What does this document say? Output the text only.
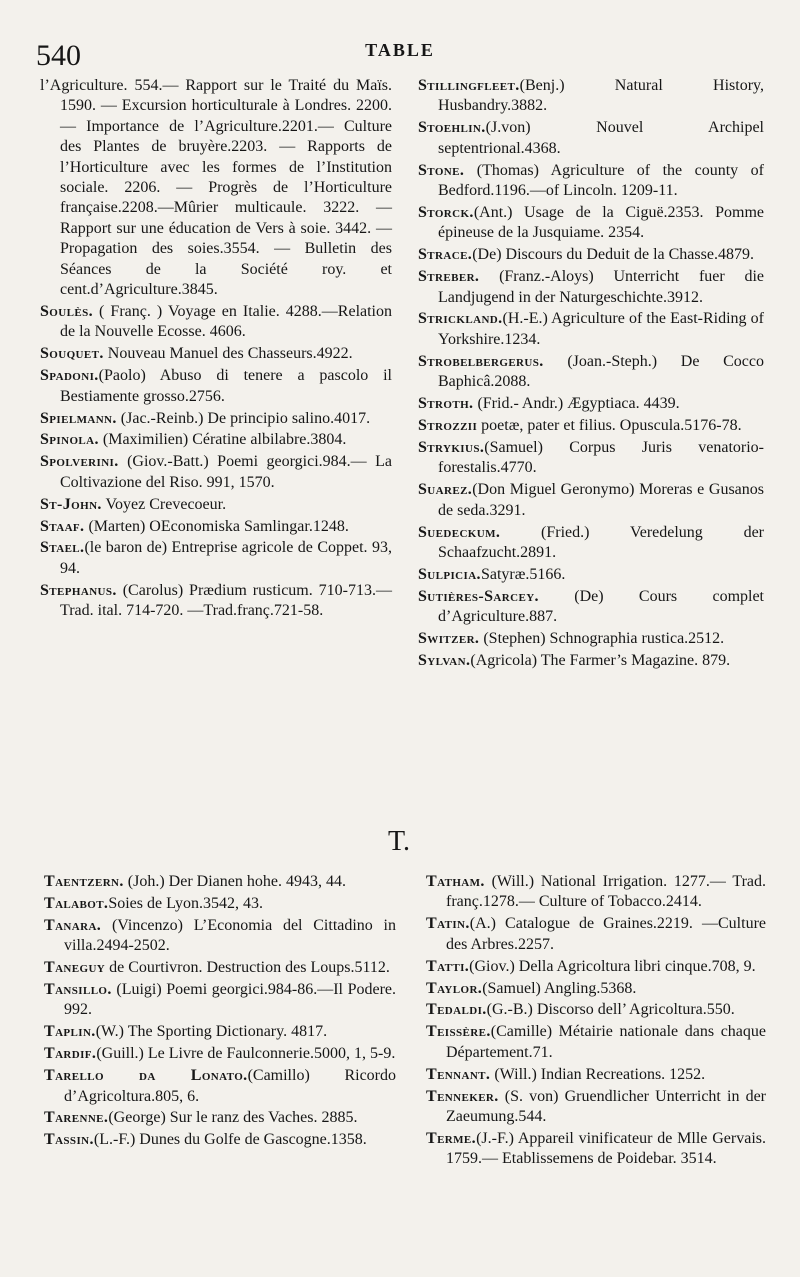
540	TABLE

l’Agriculture. 554.— Rapport sur le Traité du Maïs. 1590. — Excursion horticulturale à Londres. 2200. — Importance de l’Agriculture.2201.— Culture des Plantes de bruyère.2203. — Rapports de l’Horticulture avec les formes de l’Institution sociale. 2206. — Progrès de l’Horticulture française.2208.—Mûrier multicaule. 3222. — Rapport sur une éducation de Vers à soie. 3442. — Propagation des soies.3554. — Bulletin des Séances de la Société roy. et cent.d’Agriculture.3845.

Soulès. ( Franç. ) Voyage en Italie. 4288.—Relation de la Nouvelle Ecosse. 4606.

Souquet. Nouveau Manuel des Chasseurs.4922.

Spadoni.(Paolo) Abuso di tenere a pascolo il Bestiamente grosso.2756.

Spielmann. (Jac.-Reinb.) De principio salino.4017.

Spinola. (Maximilien) Cératine albilabre.3804.

Spolverini. (Giov.-Batt.) Poemi georgici.984.— La Coltivazione del Riso. 991, 1570.

St-John. Voyez Crevecoeur.

Staaf. (Marten) OEconomiska Samlingar.1248.

Stael.(le baron de) Entreprise agricole de Coppet. 93, 94.

Stephanus. (Carolus) Prædium rusticum. 710-713.—Trad. ital. 714-720. —Trad.franç.721-58.

Stillingfleet.(Benj.) Natural History, Husbandry.3882.

Stoehlin.(J.von) Nouvel Archipel septentrional.4368.

Stone. (Thomas) Agriculture of the county of Bedford.1196.—of Lincoln. 1209-11.

Storck.(Ant.) Usage de la Ciguë.2353. Pomme épineuse de la Jusquiame. 2354.

Strace.(De) Discours du Deduit de la Chasse.4879.

Streber. (Franz.-Aloys) Unterricht fuer die Landjugend in der Naturgeschichte.3912.

Strickland.(H.-E.) Agriculture of the East-Riding of Yorkshire.1234.

Strobelbergerus. (Joan.-Steph.) De Cocco Baphicâ.2088.

Stroth. (Frid.- Andr.) Ægyptiaca. 4439.

Strozzii poetæ, pater et filius. Opuscula.5176-78.

Strykius.(Samuel) Corpus Juris venatorio-forestalis.4770.

Suarez.(Don Miguel Geronymo) Moreras e Gusanos de seda.3291.

Suedeckum. (Fried.) Veredelung der Schaafzucht.2891.

Sulpicia.Satyræ.5166.

Sutières-Sarcey. (De) Cours complet d’Agriculture.887.

Switzer. (Stephen) Schnographia rustica.2512.

Sylvan.(Agricola) The Farmer’s Magazine. 879.

T.

Taentzern. (Joh.) Der Dianen hohe. 4943, 44.

Talabot.Soies de Lyon.3542, 43.

Tanara. (Vincenzo) L’Economia del Cittadino in villa.2494-2502.

Taneguy de Courtivron. Destruction des Loups.5112.

Tansillo. (Luigi) Poemi georgici.984-86.—Il Podere. 992.

Taplin.(W.) The Sporting Dictionary. 4817.

Tardif.(Guill.) Le Livre de Faulconnerie.5000, 1, 5-9.

Tarello da Lonato.(Camillo) Ricordo d’Agricoltura.805, 6.

Tarenne.(George) Sur le ranz des Vaches. 2885.

Tassin.(L.-F.) Dunes du Golfe de Gascogne.1358.

Tatham. (Will.) National Irrigation. 1277.— Trad. franç.1278.— Culture of Tobacco.2414.

Tatin.(A.) Catalogue de Graines.2219. —Culture des Arbres.2257.

Tatti.(Giov.) Della Agricoltura libri cinque.708, 9.

Taylor.(Samuel) Angling.5368.

Tedaldi.(G.-B.) Discorso dell’ Agricoltura.550.

Teissère.(Camille) Métairie nationale dans chaque Département.71.

Tennant. (Will.) Indian Recreations. 1252.

Tenneker. (S. von) Gruendlicher Unterricht in der Zaeumung.544.

Terme.(J.-F.) Appareil vinificateur de Mlle Gervais. 1759.— Etablissemens de Poidebar. 3514.
